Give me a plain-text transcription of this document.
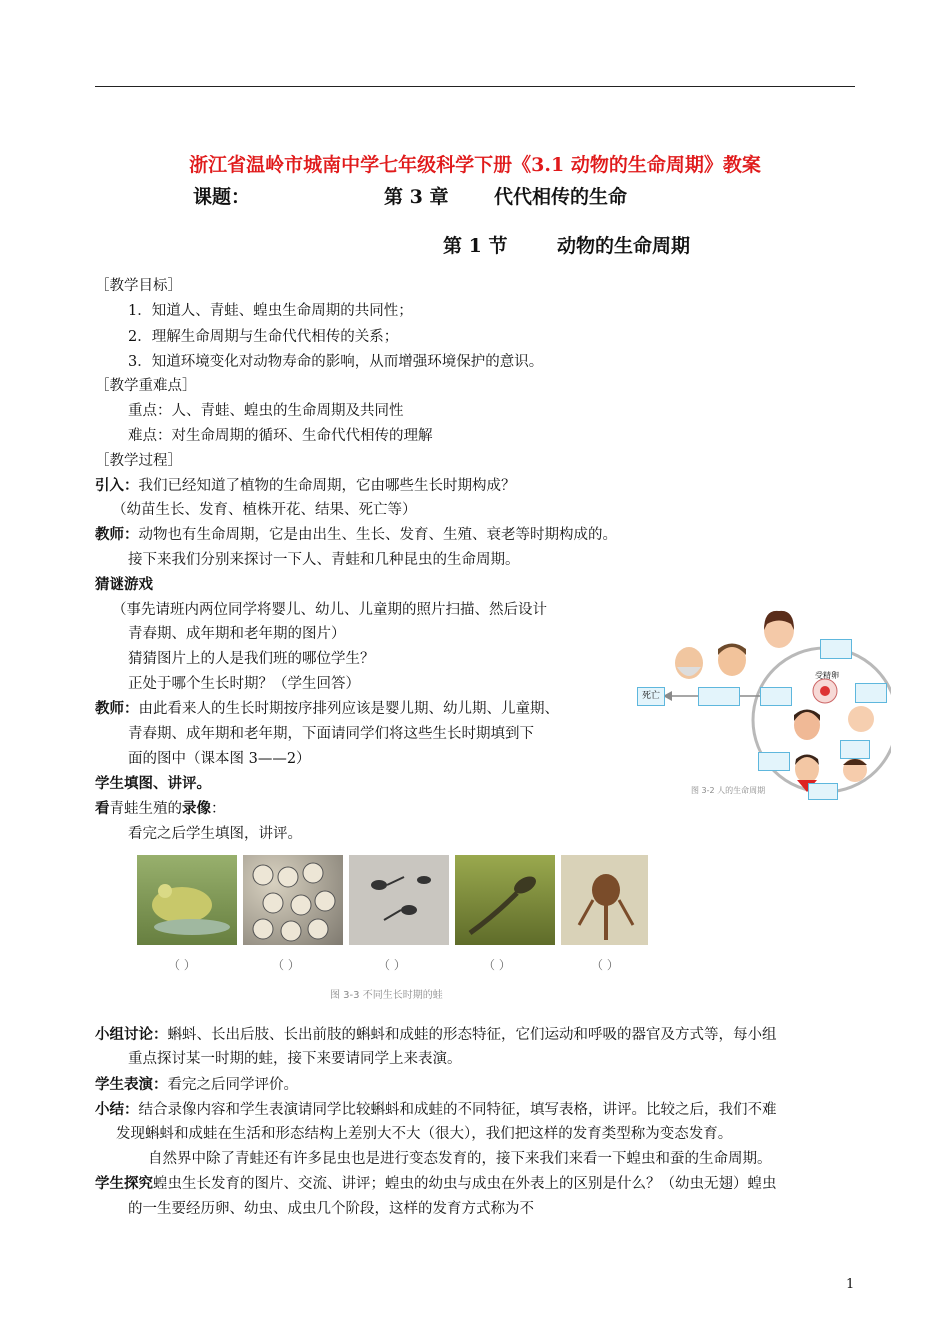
浙江省温岭市城南中学七年级科学下册《3.1 动物的生命周期》教案
课题：	第 3 章 代代相传的生命
第 1 节	动物的生命周期
［教学目标］
1．知道人、青蛙、蝗虫生命周期的共同性；
2．理解生命周期与生命代代相传的关系；
3．知道环境变化对动物寿命的影响，从而增强环境保护的意识。
［教学重难点］
重点：人、青蛙、蝗虫的生命周期及共同性
难点：对生命周期的循环、生命代代相传的理解
［教学过程］
引入：我们已经知道了植物的生命周期，它由哪些生长时期构成？
（幼苗生长、发育、植株开花、结果、死亡等）
教师：动物也有生命周期，它是由出生、生长、发育、生殖、衰老等时期构成的。
接下来我们分别来探讨一下人、青蛙和几种昆虫的生命周期。
猜谜游戏
（事先请班内两位同学将婴儿、幼儿、儿童期的照片扫描、然后设计
青春期、成年期和老年期的图片）
猜猜图片上的人是我们班的哪位学生？
正处于哪个生长时期？（学生回答）
教师：由此看来人的生长时期按序排列应该是婴儿期、幼儿期、儿童期、
青春期、成年期和老年期，下面请同学们将这些生长时期填到下
面的图中（课本图 3——2）
学生填图、讲评。
看青蛙生殖的录像：
看完之后学生填图，讲评。
死亡
受精卵
图 3-2 人的生命周期
（ ）	（ ）	（ ）	（ ）	（ ）
图 3-3 不同生长时期的蛙
小组讨论：蝌蚪、长出后肢、长出前肢的蝌蚪和成蛙的形态特征，它们运动和呼吸的器官及方式等，每小组
重点探讨某一时期的蛙，接下来要请同学上来表演。
学生表演：看完之后同学评价。
小结：结合录像内容和学生表演请同学比较蝌蚪和成蛙的不同特征，填写表格，讲评。比较之后，我们不难
发现蝌蚪和成蛙在生活和形态结构上差别大不大（很大），我们把这样的发育类型称为变态发育。
自然界中除了青蛙还有许多昆虫也是进行变态发育的，接下来我们来看一下蝗虫和蚕的生命周期。
学生探究蝗虫生长发育的图片、交流、讲评；蝗虫的幼虫与成虫在外表上的区别是什么？（幼虫无翅）蝗虫
的一生要经历卵、幼虫、成虫几个阶段，这样的发育方式称为不
1
